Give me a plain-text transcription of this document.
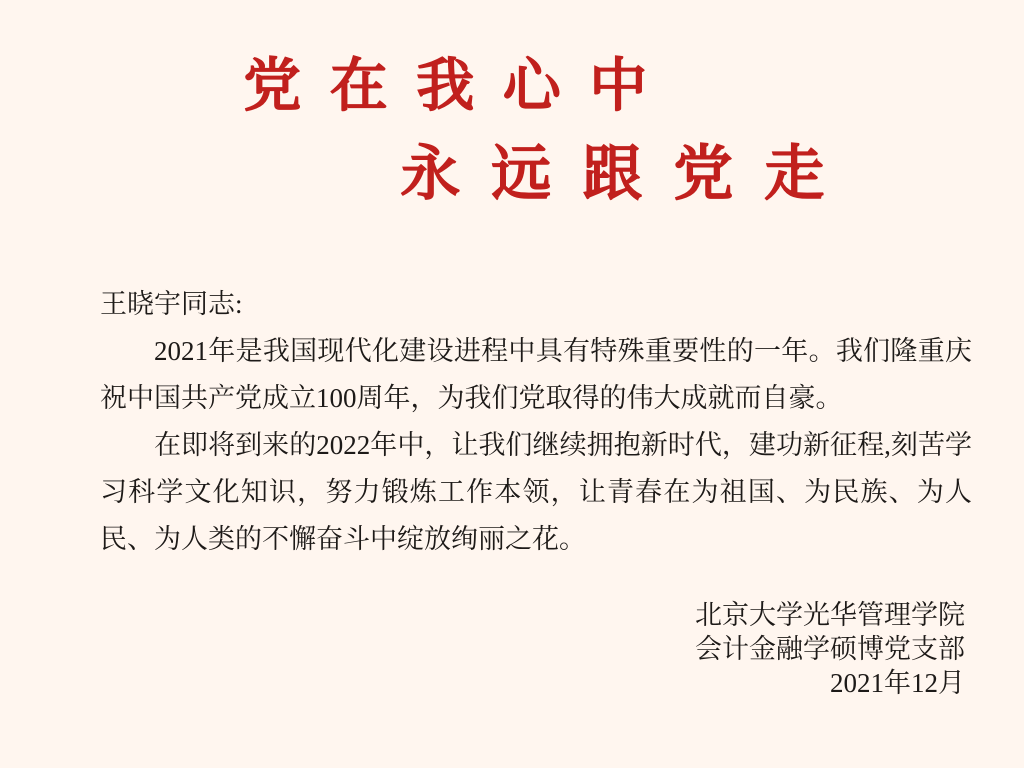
党 在 我 心 中
永 远 跟 党 走

王晓宇同志:

2021年是我国现代化建设进程中具有特殊重要性的一年。我们隆重庆祝中国共产党成立100周年，为我们党取得的伟大成就而自豪。

在即将到来的2022年中，让我们继续拥抱新时代，建功新征程,刻苦学习科学文化知识，努力锻炼工作本领，让青春在为祖国、为民族、为人民、为人类的不懈奋斗中绽放绚丽之花。

北京大学光华管理学院
会计金融学硕博党支部
2021年12月
